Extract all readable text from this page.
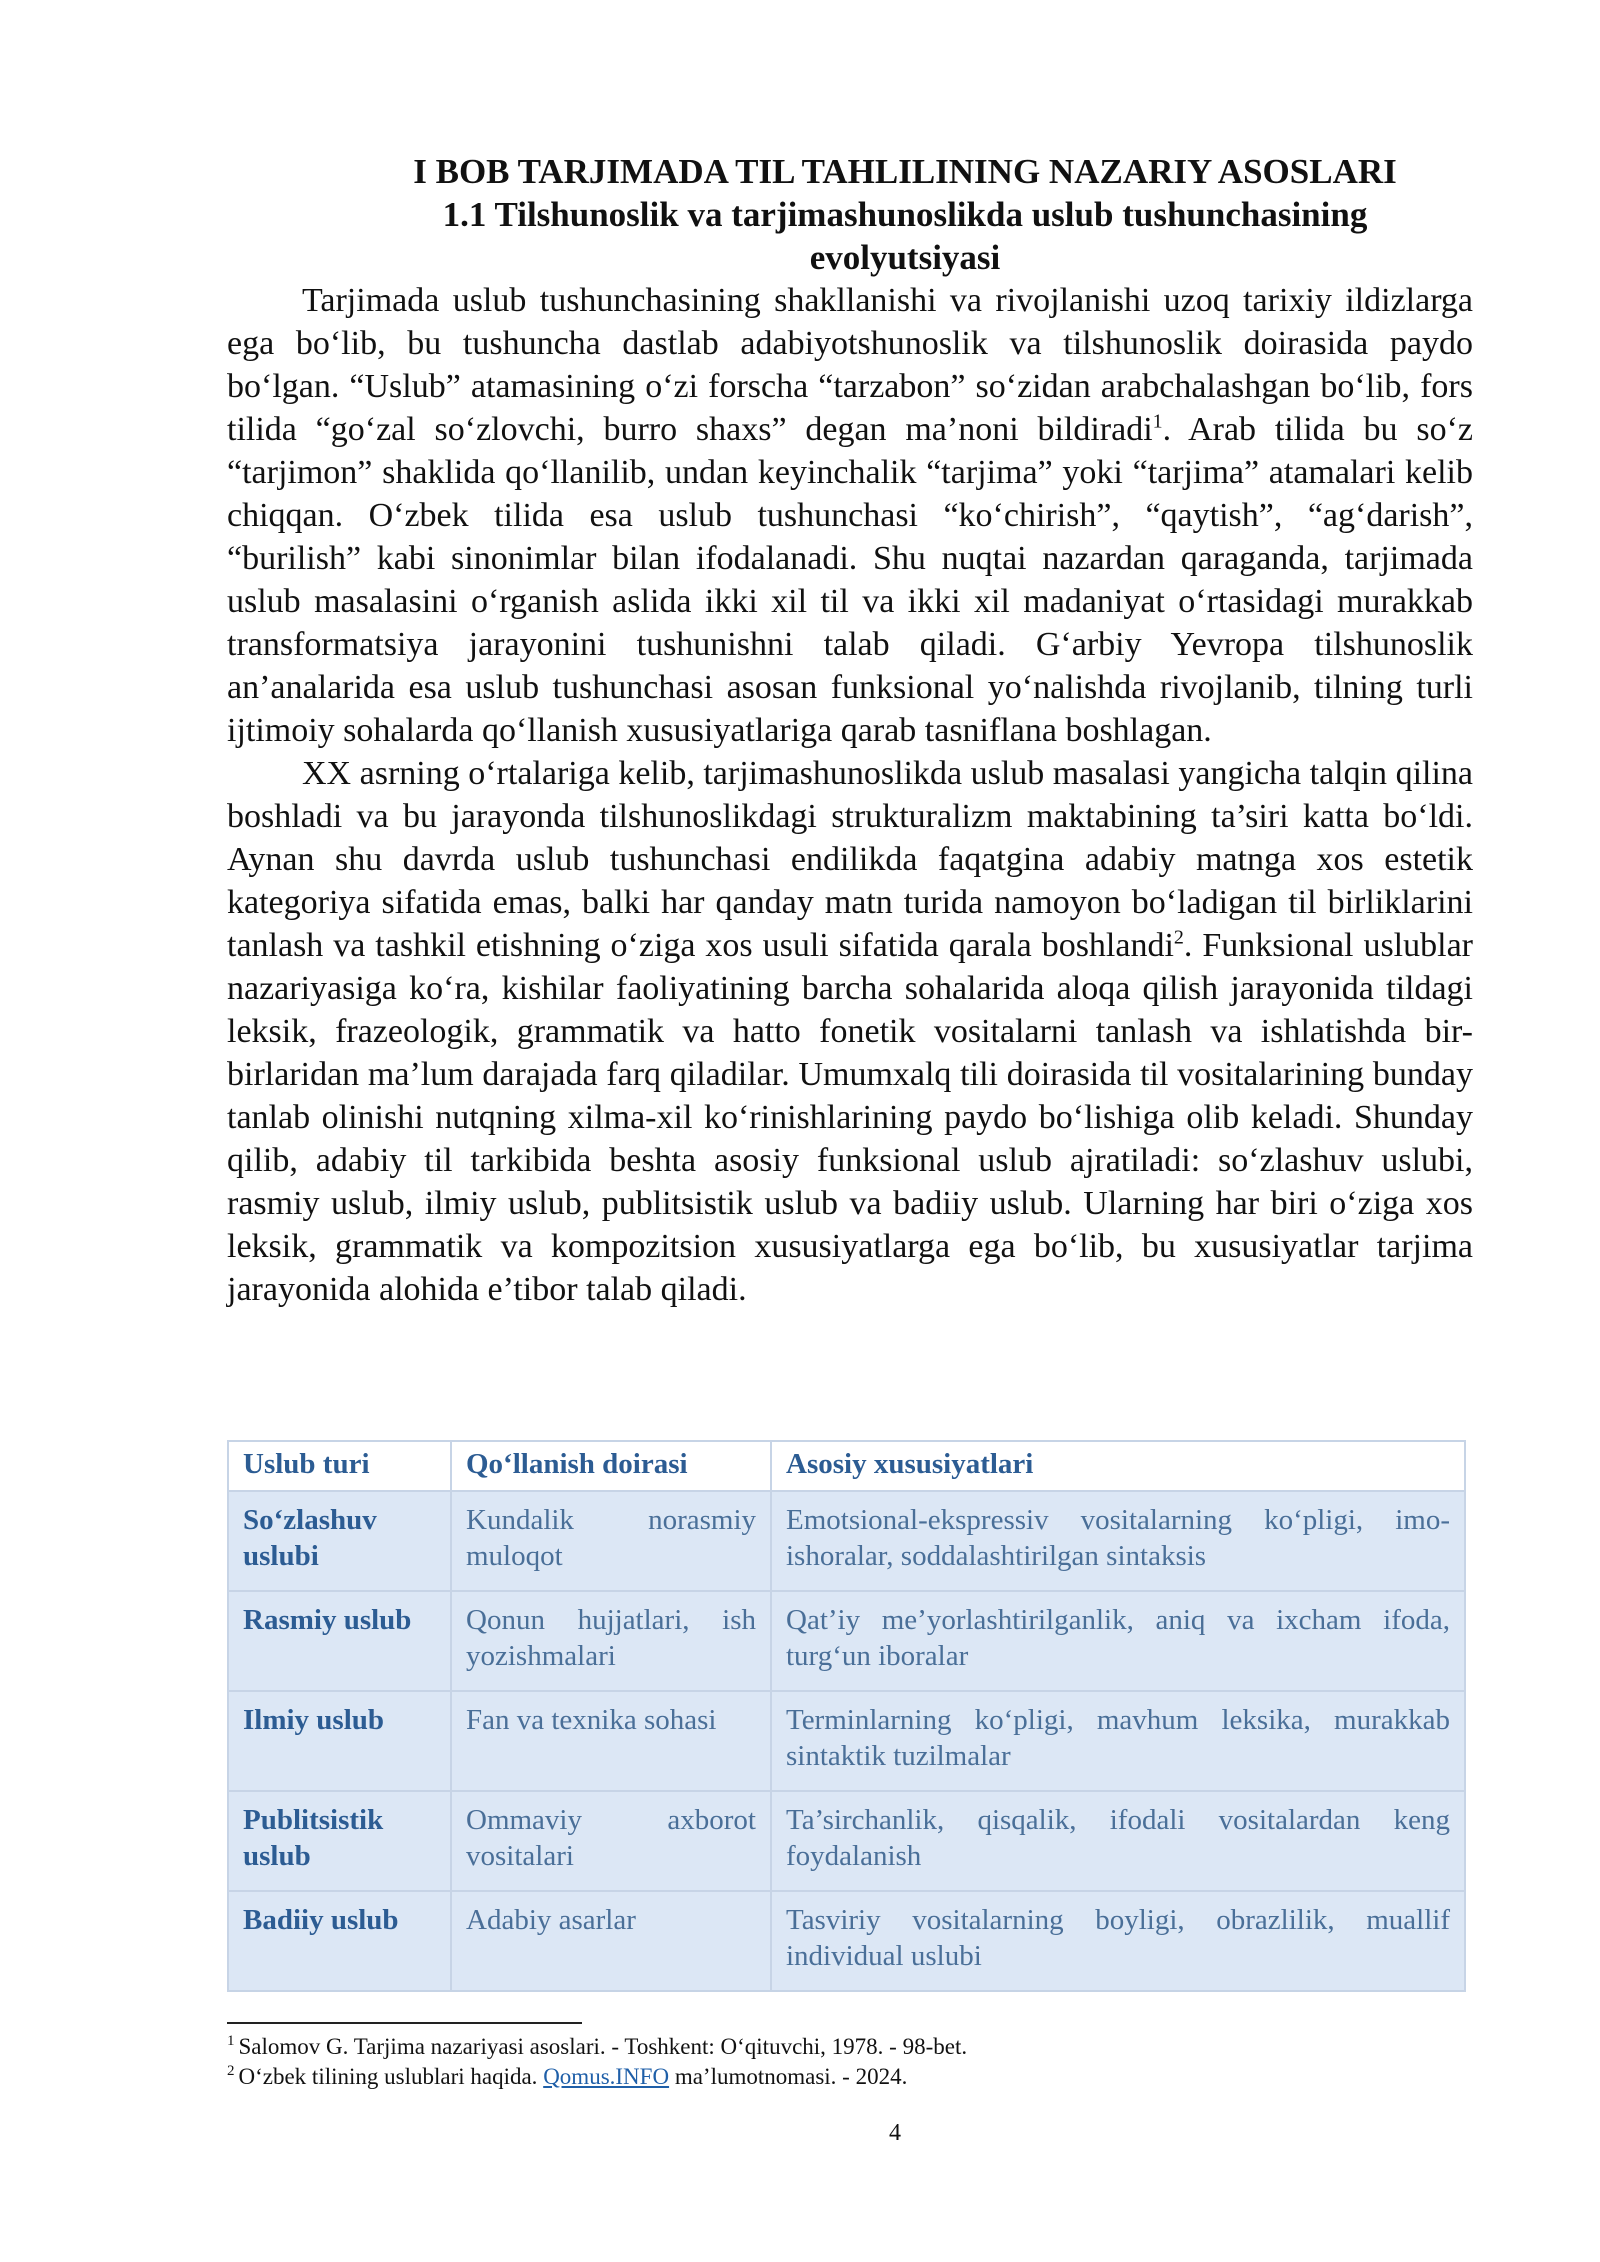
I BOB TARJIMADA TIL TAHLILINING NAZARIY ASOSLARI
1.1 Tilshunoslik va tarjimashunoslikda uslub tushunchasining
evolyutsiyasi

Tarjimada uslub tushunchasining shakllanishi va rivojlanishi uzoq tarixiy ildizlarga ega bo‘lib, bu tushuncha dastlab adabiyotshunoslik va tilshunoslik doirasida paydo bo‘lgan. “Uslub” atamasining o‘zi forscha “tarzabon” so‘zidan arabchalashgan bo‘lib, fors tilida “go‘zal so‘zlovchi, burro shaxs” degan ma’noni bildiradi$^1$. Arab tilida bu so‘z “tarjimon” shaklida qo‘llanilib, undan keyinchalik “tarjima” yoki “tarjima” atamalari kelib chiqqan. O‘zbek tilida esa uslub tushunchasi “ko‘chirish”, “qaytish”, “ag‘darish”, “burilish” kabi sinonimlar bilan ifodalanadi. Shu nuqtai nazardan qaraganda, tarjimada uslub masalasini o‘rganish aslida ikki xil til va ikki xil madaniyat o‘rtasidagi murakkab transformatsiya jarayonini tushunishni talab qiladi. G‘arbiy Yevropa tilshunoslik an’analarida esa uslub tushunchasi asosan funksional yo‘nalishda rivojlanib, tilning turli ijtimoiy sohalarda qo‘llanish xususiyatlariga qarab tasniflana boshlagan.

XX asrning o‘rtalariga kelib, tarjimashunoslikda uslub masalasi yangicha talqin qilina boshladi va bu jarayonda tilshunoslikdagi strukturalizm maktabining ta’siri katta bo‘ldi. Aynan shu davrda uslub tushunchasi endilikda faqatgina adabiy matnga xos estetik kategoriya sifatida emas, balki har qanday matn turida namoyon bo‘ladigan til birliklarini tanlash va tashkil etishning o‘ziga xos usuli sifatida qarala boshlandi$^2$. Funksional uslublar nazariyasiga ko‘ra, kishilar faoliyatining barcha sohalarida aloqa qilish jarayonida tildagi leksik, frazeologik, grammatik va hatto fonetik vositalarni tanlash va ishlatishda bir-birlaridan ma’lum darajada farq qiladilar. Umumxalq tili doirasida til vositalarining bunday tanlab olinishi nutqning xilma-xil ko‘rinishlarining paydo bo‘lishiga olib keladi. Shunday qilib, adabiy til tarkibida beshta asosiy funksional uslub ajratiladi: so‘zlashuv uslubi, rasmiy uslub, ilmiy uslub, publitsistik uslub va badiiy uslub. Ularning har biri o‘ziga xos leksik, grammatik va kompozitsion xususiyatlarga ega bo‘lib, bu xususiyatlar tarjima jarayonida alohida e’tibor talab qiladi.

Uslub turi	Qo‘llanish doirasi	Asosiy xususiyatlari
So‘zlashuv uslubi	Kundalik norasmiy muloqot	Emotsional-ekspressiv vositalarning ko‘pligi, imo-ishoralar, soddalashtirilgan sintaksis
Rasmiy uslub	Qonun hujjatlari, ish yozishmalari	Qat’iy me’yorlashtirilganlik, aniq va ixcham ifoda, turg‘un iboralar
Ilmiy uslub	Fan va texnika sohasi	Terminlarning ko‘pligi, mavhum leksika, murakkab sintaktik tuzilmalar
Publitsistik uslub	Ommaviy axborot vositalari	Ta’sirchanlik, qisqalik, ifodali vositalardan keng foydalanish
Badiiy uslub	Adabiy asarlar	Tasviriy vositalarning boyligi, obrazlilik, muallif individual uslubi
$^1$ Salomov G. Tarjima nazariyasi asoslari. - Toshkent: O‘qituvchi, 1978. - 98-bet.
$^2$ O‘zbek tilining uslublari haqida. Qomus.INFO ma’lumotnomasi. - 2024.
4
